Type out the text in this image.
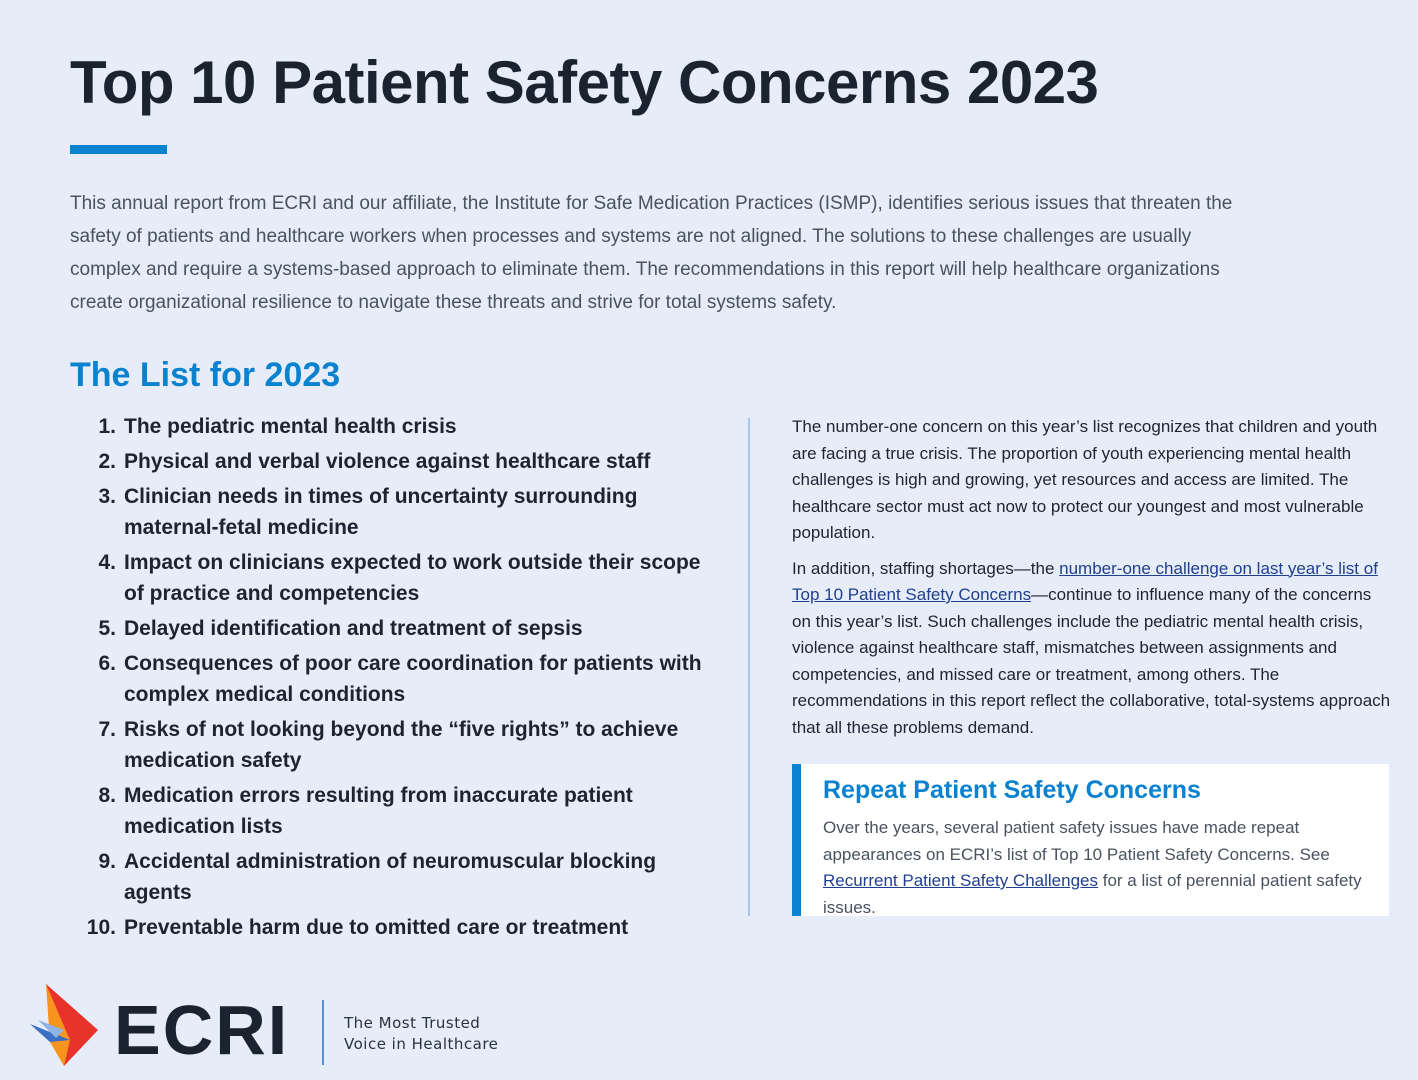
Top 10 Patient Safety Concerns 2023

This annual report from ECRI and our affiliate, the Institute for Safe Medication Practices (ISMP), identifies serious issues that threaten the safety of patients and healthcare workers when processes and systems are not aligned. The solutions to these challenges are usually complex and require a systems-based approach to eliminate them. The recommendations in this report will help healthcare organizations create organizational resilience to navigate these threats and strive for total systems safety.

The List for 2023
1. The pediatric mental health crisis
2. Physical and verbal violence against healthcare staff
3. Clinician needs in times of uncertainty surrounding maternal-fetal medicine
4. Impact on clinicians expected to work outside their scope of practice and competencies
5. Delayed identification and treatment of sepsis
6. Consequences of poor care coordination for patients with complex medical conditions
7. Risks of not looking beyond the “five rights” to achieve medication safety
8. Medication errors resulting from inaccurate patient medication lists
9. Accidental administration of neuromuscular blocking agents
10. Preventable harm due to omitted care or treatment

The number-one concern on this year’s list recognizes that children and youth are facing a true crisis. The proportion of youth experiencing mental health challenges is high and growing, yet resources and access are limited. The healthcare sector must act now to protect our youngest and most vulnerable population.

In addition, staffing shortages—the number-one challenge on last year’s list of Top 10 Patient Safety Concerns—continue to influence many of the concerns on this year’s list. Such challenges include the pediatric mental health crisis, violence against healthcare staff, mismatches between assignments and competencies, and missed care or treatment, among others. The recommendations in this report reflect the collaborative, total-systems approach that all these problems demand.

Repeat Patient Safety Concerns

Over the years, several patient safety issues have made repeat appearances on ECRI’s list of Top 10 Patient Safety Concerns. See Recurrent Patient Safety Challenges for a list of perennial patient safety issues.

ECRI	The Most Trusted
Voice in Healthcare
